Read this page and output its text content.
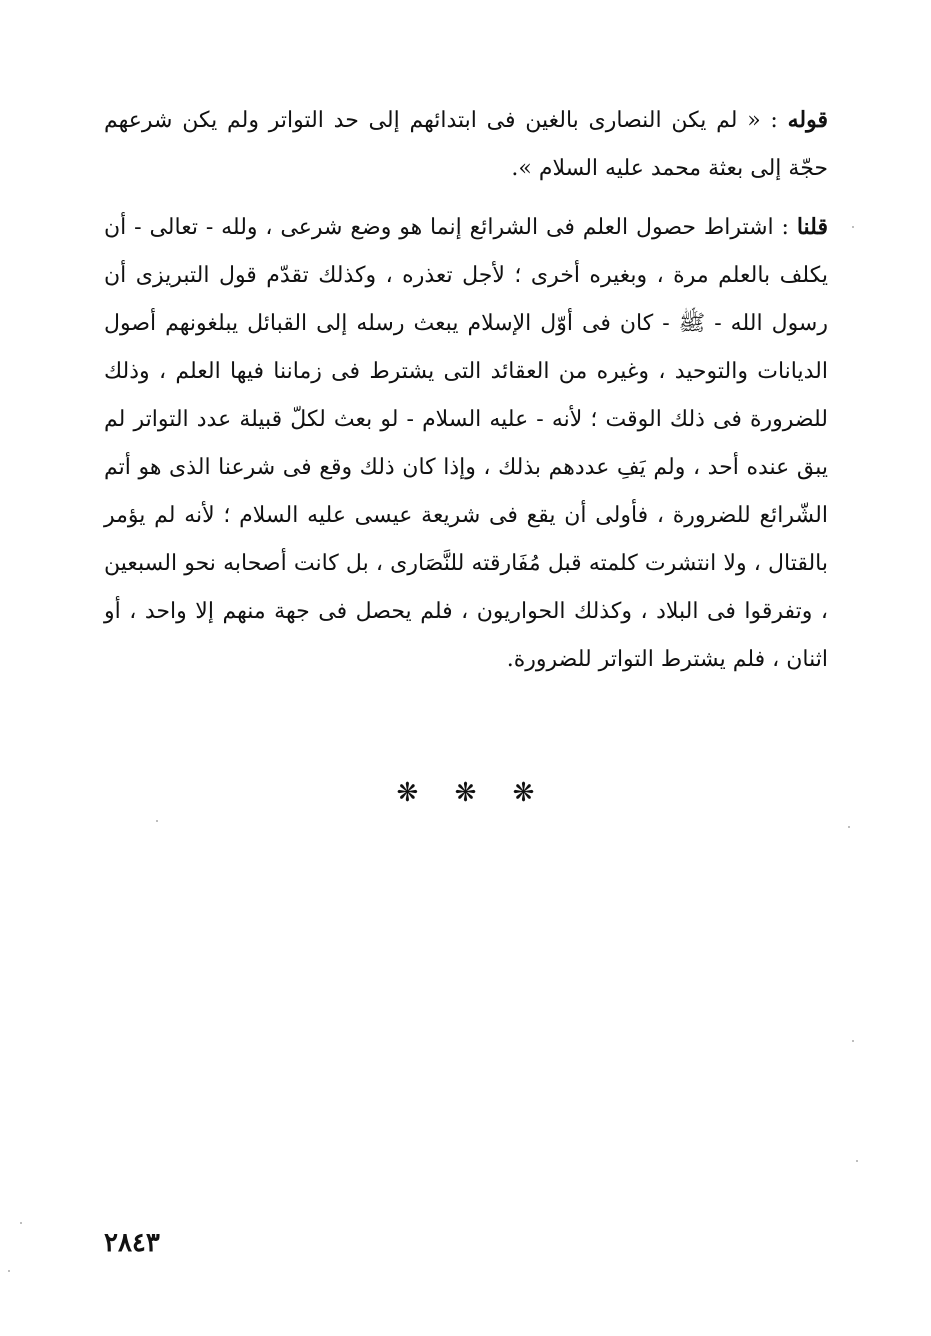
قوله : « لم يكن النصارى بالغين فى ابتدائهم إلى حد التواتر ولم يكن شرعهم حجّة إلى بعثة محمد عليه السلام ».

قلنا : اشتراط حصول العلم فى الشرائع إنما هو وضع شرعى ، ولله - تعالى - أن يكلف بالعلم مرة ، وبغيره أخرى ؛ لأجل تعذره ، وكذلك تقدّم قول التبريزى أن رسول الله - ﷺ - كان فى أوّل الإسلام يبعث رسله إلى القبائل يبلغونهم أصول الديانات والتوحيد ، وغيره من العقائد التى يشترط فى زماننا فيها العلم ، وذلك للضرورة فى ذلك الوقت ؛ لأنه - عليه السلام - لو بعث لكلّ قبيلة عدد التواتر لم يبق عنده أحد ، ولم يَفِ عددهم بذلك ، وإذا كان ذلك وقع فى شرعنا الذى هو أتم الشّرائع للضرورة ، فأولى أن يقع فى شريعة عيسى عليه السلام ؛ لأنه لم يؤمر بالقتال ، ولا انتشرت كلمته قبل مُفَارقته للنَّصَارى ، بل كانت أصحابه نحو السبعين ، وتفرقوا فى البلاد ، وكذلك الحواريون ، فلم يحصل فى جهة منهم إلا واحد ، أو اثنان ، فلم يشترط التواتر للضرورة.

❋ ❋ ❋
٢٨٤٣
